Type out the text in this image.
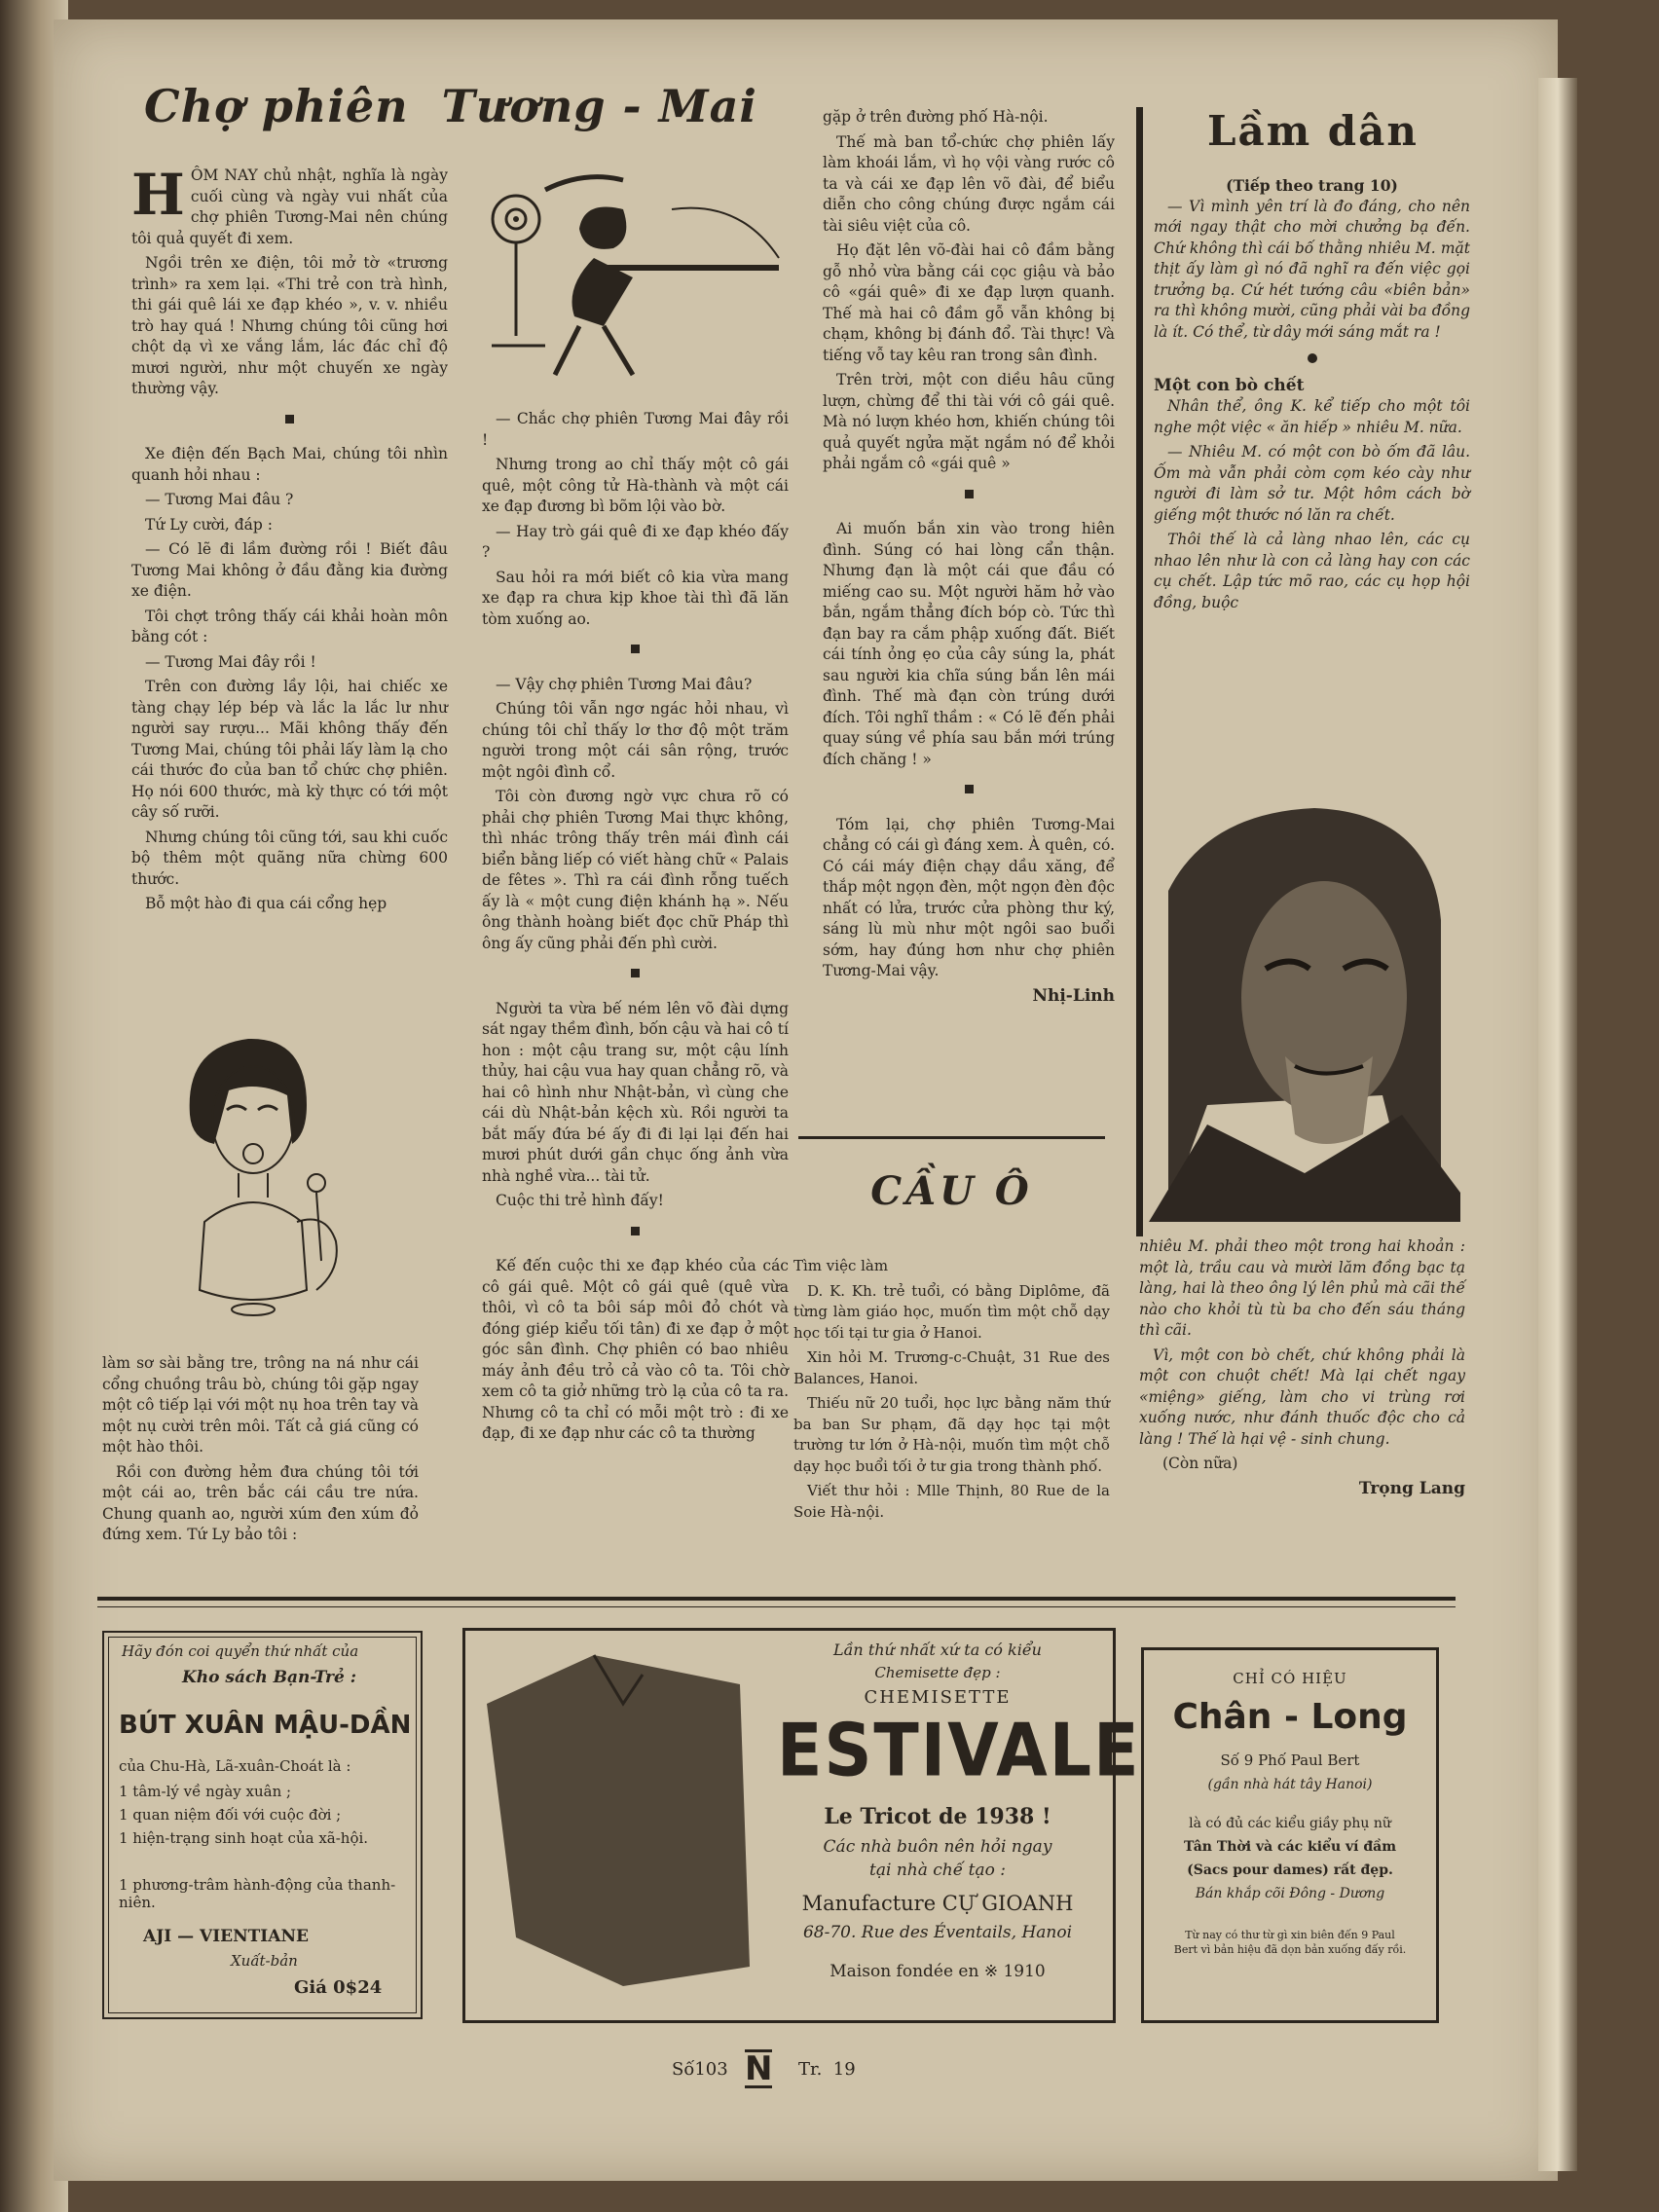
Chợ phiên  Tương - Mai	Lầm dân
H ÔM NAY chủ nhật, nghĩa là ngày cuối cùng và ngày vui nhất của chợ phiên Tương-Mai nên chúng tôi quả quyết đi xem.

Ngồi trên xe điện, tôi mở tờ «trương trình» ra xem lại. «Thi trẻ con trà hình, thi gái quê lái xe đạp khéo », v. v. nhiều trò hay quá ! Nhưng chúng tôi cũng hơi chột dạ vì xe vắng lắm, lác đác chỉ độ mươi người, như một chuyến xe ngày thường vậy.

Xe điện đến Bạch Mai, chúng tôi nhìn quanh hỏi nhau :

— Tương Mai đâu ?

Tứ Ly cười, đáp :

— Có lẽ đi lầm đường rồi ! Biết đâu Tương Mai không ở đầu đằng kia đường xe điện.

Tôi chợt trông thấy cái khải hoàn môn bằng cót :

— Tương Mai đây rồi !

Trên con đường lầy lội, hai chiếc xe tàng chạy lép bép và lắc la lắc lư như người say rượu... Mãi không thấy đến Tương Mai, chúng tôi phải lấy làm lạ cho cái thước đo của ban tổ chức chợ phiên. Họ nói 600 thước, mà kỳ thực có tới một cây số rưỡi.

Nhưng chúng tôi cũng tới, sau khi cuốc bộ thêm một quãng nữa chừng 600 thước.

Bỗ một hào đi qua cái cổng hẹp

làm sơ sài bằng tre, trông na ná như cái cổng chuồng trâu bò, chúng tôi gặp ngay một cô tiếp lại với một nụ hoa trên tay và một nụ cười trên môi. Tất cả giá cũng có một hào thôi.

Rồi con đường hẻm đưa chúng tôi tới một cái ao, trên bắc cái cầu tre nứa. Chung quanh ao, người xúm đen xúm đỏ đứng xem. Tứ Ly bảo tôi :

— Chắc chợ phiên Tương Mai đây rồi !

Nhưng trong ao chỉ thấy một cô gái quê, một công tử Hà-thành và một cái xe đạp đương bì bõm lội vào bờ.

— Hay trò gái quê đi xe đạp khéo đấy ?

Sau hỏi ra mới biết cô kia vừa mang xe đạp ra chưa kịp khoe tài thì đã lăn tòm xuống ao.

— Vậy chợ phiên Tương Mai đâu?

Chúng tôi vẫn ngơ ngác hỏi nhau, vì chúng tôi chỉ thấy lơ thơ độ một trăm người trong một cái sân rộng, trước một ngôi đình cổ.

Tôi còn đương ngờ vực chưa rõ có phải chợ phiên Tương Mai thực không, thì nhác trông thấy trên mái đình cái biển bằng liếp có viết hàng chữ « Palais de fêtes ». Thì ra cái đình rỗng tuếch ấy là « một cung điện khánh hạ ». Nếu ông thành hoàng biết đọc chữ Pháp thì ông ấy cũng phải đến phì cười.

Người ta vừa bế ném lên võ đài dựng sát ngay thềm đình, bốn cậu và hai cô tí hon : một cậu trang sư, một cậu lính thủy, hai cậu vua hay quan chẳng rõ, và hai cô hình như Nhật-bản, vì cùng che cái dù Nhật-bản kệch xù. Rồi người ta bắt mấy đứa bé ấy đi đi lại lại đến hai mươi phút dưới gần chục ống ảnh vừa nhà nghề vừa... tài tử.

Cuộc thi trẻ hình đấy!

Kế đến cuộc thi xe đạp khéo của các cô gái quê. Một cô gái quê (quê vừa thôi, vì cô ta bôi sáp môi đỏ chót và đóng giép kiểu tối tân) đi xe đạp ở một góc sân đình. Chợ phiên có bao nhiêu máy ảnh đều trỏ cả vào cô ta. Tôi chờ xem cô ta giở những trò lạ của cô ta ra. Nhưng cô ta chỉ có mỗi một trò : đi xe đạp, đi xe đạp như các cô ta thường

gặp ở trên đường phố Hà-nội.

Thế mà ban tổ-chức chợ phiên lấy làm khoái lắm, vì họ vội vàng rước cô ta và cái xe đạp lên võ đài, để biểu diễn cho công chúng được ngắm cái tài siêu việt của cô.

Họ đặt lên võ-đài hai cô đầm bằng gỗ nhỏ vừa bằng cái cọc giậu và bảo cô «gái quê» đi xe đạp lượn quanh. Thế mà hai cô đầm gỗ vẫn không bị chạm, không bị đánh đổ. Tài thực! Và tiếng vỗ tay kêu ran trong sân đình.

Trên trời, một con diều hâu cũng lượn, chừng để thi tài với cô gái quê. Mà nó lượn khéo hơn, khiến chúng tôi quả quyết ngửa mặt ngắm nó để khỏi phải ngắm cô «gái quê »

Ai muốn bắn xin vào trong hiên đình. Súng có hai lòng cẩn thận. Nhưng đạn là một cái que đầu có miếng cao su. Một người hăm hở vào bắn, ngắm thẳng đích bóp cò. Tức thì đạn bay ra cắm phập xuống đất. Biết cái tính ỏng ẹo của cây súng la, phát sau người kia chĩa súng bắn lên mái đình. Thế mà đạn còn trúng dưới đích. Tôi nghĩ thầm : « Có lẽ đến phải quay súng về phía sau bắn mới trúng đích chăng ! »

Tóm lại, chợ phiên Tương-Mai chẳng có cái gì đáng xem. À quên, có. Có cái máy điện chạy dầu xăng, để thắp một ngọn đèn, một ngọn đèn độc nhất có lửa, trước cửa phòng thư ký, sáng lù mù như một ngôi sao buổi sớm, hay đúng hơn như chợ phiên Tương-Mai vậy.

Nhị-Linh
CẦU Ô

Tìm việc làm

D. K. Kh. trẻ tuổi, có bằng Diplôme, đã từng làm giáo học, muốn tìm một chỗ dạy học tối tại tư gia ở Hanoi.

Xin hỏi M. Trương-c-Chuật, 31 Rue des Balances, Hanoi.

Thiếu nữ 20 tuổi, học lực bằng năm thứ ba ban Sư phạm, đã dạy học tại một trường tư lớn ở Hà-nội, muốn tìm một chỗ dạy học buổi tối ở tư gia trong thành phố.

Viết thư hỏi : Mlle Thịnh, 80 Rue de la Soie Hà-nội.

(Tiếp theo trang 10)

— Vì mình yên trí là đo đáng, cho nên mới ngay thật cho mời chưởng bạ đến. Chứ không thì cái bố thằng nhiêu M. mặt thịt ấy làm gì nó đã nghĩ ra đến việc gọi trưởng bạ. Cứ hét tướng câu «biên bản» ra thì không mười, cũng phải vài ba đồng là ít. Có thể, từ dây mới sáng mắt ra !

Một con bò chết

Nhân thể, ông K. kể tiếp cho một tôi nghe một việc « ăn hiếp » nhiêu M. nữa.

— Nhiêu M. có một con bò ốm đã lâu. Ốm mà vẫn phải còm cọm kéo cày như người đi làm sở tư. Một hôm cách bờ giếng một thước nó lăn ra chết.

Thôi thế là cả làng nhao lên, các cụ nhao lên như là con cả làng hay con các cụ chết. Lập tức mõ rao, các cụ họp hội đồng, buộc

nhiêu M. phải theo một trong hai khoản : một là, trầu cau và mười lăm đồng bạc tạ làng, hai là theo ông lý lên phủ mà cãi thế nào cho khỏi tù tù ba cho đến sáu tháng thì cãi.

Vì, một con bò chết, chứ không phải là một con chuột chết! Mà lại chết ngay «miệng» giếng, làm cho vi trùng rơi xuống nước, như đánh thuốc độc cho cả làng ! Thế là hại vệ - sinh chung.

(Còn nữa)

Trọng Lang
Hãy đón coi quyển thứ nhất của
Kho sách Bạn-Trẻ :
BÚT XUÂN MẬU-DẦN
của Chu-Hà, Lã-xuân-Choát là :
1 tâm-lý về ngày xuân ;
1 quan niệm đối với cuộc đời ;
1 hiện-trạng sinh hoạt của xã-hội.
1 phương-trâm hành-động của thanh-niên.
AJI — VIENTIANE
Xuất-bản
Giá 0$24
Lần thứ nhất xứ ta có kiểu
Chemisette đẹp :
CHEMISETTE
ESTIVALE
Le Tricot de 1938 !
Các nhà buôn nên hỏi ngay
tại nhà chế tạo :
Manufacture CỰ GIOANH
68-70. Rue des Éventails, Hanoi
Maison fondée en ※ 1910
CHỈ CÓ HIỆU
Chân - Long
Số 9 Phố Paul Bert
(gần nhà hát tây Hanoi)
là có đủ các kiểu giầy phụ nữ
Tân Thời và các kiểu ví đầm
(Sacs pour dames) rất đẹp.
Bán khắp cõi Đông - Dương
Từ nay có thư từ gì xin biên đến 9 Paul Bert vì bản hiệu đã dọn bản xuống đấy rồi.
Số103 N Tr.  19
